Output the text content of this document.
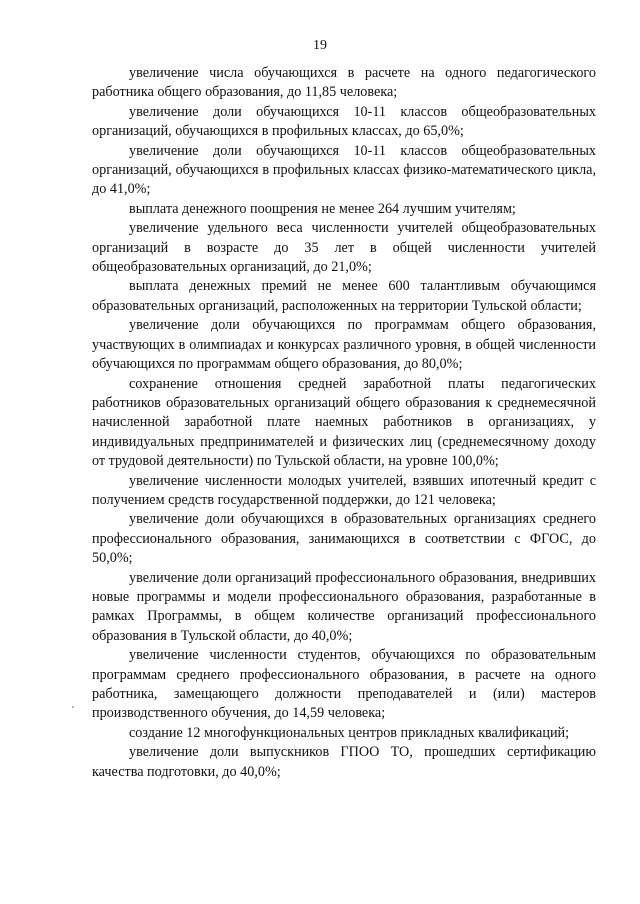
19

увеличение числа обучающихся в расчете на одного педагогического работника общего образования, до 11,85 человека;

увеличение доли обучающихся 10-11 классов общеобразовательных организаций, обучающихся в профильных классах, до 65,0%;

увеличение доли обучающихся 10-11 классов общеобразовательных организаций, обучающихся в профильных классах физико-математического цикла, до 41,0%;

выплата денежного поощрения не менее 264 лучшим учителям;

увеличение удельного веса численности учителей общеобразовательных организаций в возрасте до 35 лет в общей численности учителей общеобразовательных организаций, до 21,0%;

выплата денежных премий не менее 600 талантливым обучающимся образовательных организаций, расположенных на территории Тульской области;

увеличение доли обучающихся по программам общего образования, участвующих в олимпиадах и конкурсах различного уровня, в общей численности обучающихся по программам общего образования, до 80,0%;

сохранение отношения средней заработной платы педагогических работников образовательных организаций общего образования к среднемесячной начисленной заработной плате наемных работников в организациях, у индивидуальных предпринимателей и физических лиц (среднемесячному доходу от трудовой деятельности) по Тульской области, на уровне 100,0%;

увеличение численности молодых учителей, взявших ипотечный кредит с получением средств государственной поддержки, до 121 человека;

увеличение доли обучающихся в образовательных организациях среднего профессионального образования, занимающихся в соответствии с ФГОС, до 50,0%;

увеличение доли организаций профессионального образования, внедривших новые программы и модели профессионального образования, разработанные в рамках Программы, в общем количестве организаций профессионального образования в Тульской области, до 40,0%;

увеличение численности студентов, обучающихся по образовательным программам среднего профессионального образования, в расчете на одного работника, замещающего должности преподавателей и (или) мастеров производственного обучения, до 14,59 человека;

создание 12 многофункциональных центров прикладных квалификаций;

увеличение доли выпускников ГПОО ТО, прошедших сертификацию качества подготовки, до 40,0%;
